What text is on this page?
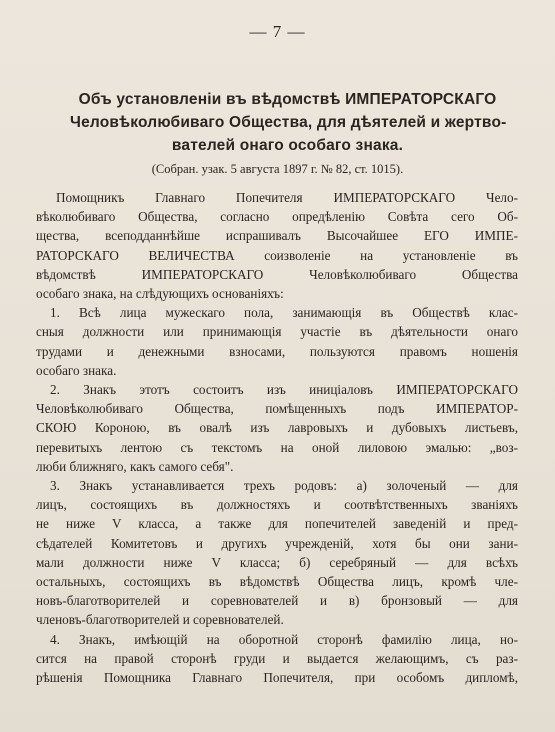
— 7 —
Объ установленіи въ вѣдомствѣ ИМПЕРАТОРСКАГО
Человѣколюбиваго Общества, для дѣятелей и жертво-
вателей онаго особаго знака.
(Собран. узак. 5 августа 1897 г. № 82, ст. 1015).
Помощникъ Главнаго Попечителя ИМПЕРАТОРСКАГО Чело-
вѣколюбиваго Общества, согласно опредѣленію Совѣта сего Об-
щества, всеподданнѣйше испрашивалъ Высочайшее ЕГО ИМПЕ-
РАТОРСКАГО ВЕЛИЧЕСТВА соизволеніе на установленіе въ
вѣдомствѣ ИМПЕРАТОРСКАГО Человѣколюбиваго Общества
особаго знака, на слѣдующихъ основаніяхъ:
1. Всѣ лица мужескаго пола, занимающія въ Обществѣ клас-
сныя должности или принимающія участіе въ дѣятельности онаго
трудами и денежными взносами, пользуются правомъ ношенія
особаго знака.
2. Знакъ этотъ состоитъ изъ иниціаловъ ИМПЕРАТОРСКАГО
Человѣколюбиваго Общества, помѣщенныхъ подъ ИМПЕРАТОР-
СКОЮ Короною, въ овалѣ изъ лавровыхъ и дубовыхъ листьевъ,
перевитыхъ лентою съ текстомъ на оной лиловою эмалью: „воз-
люби ближняго, какъ самого себя".
3. Знакъ устанавливается трехъ родовъ: а) золоченый — для
лицъ, состоящихъ въ должностяхъ и соотвѣтственныхъ званіяхъ
не ниже V класса, а также для попечителей заведеній и пред-
сѣдателей Комитетовъ и другихъ учрежденій, хотя бы они зани-
мали должности ниже V класса; б) серебряный — для всѣхъ
остальныхъ, состоящихъ въ вѣдомствѣ Общества лицъ, кромѣ чле-
новъ-благотворителей и соревнователей и в) бронзовый — для
членовъ-благотворителей и соревнователей.
4. Знакъ, имѣющій на оборотной сторонѣ фамилію лица, но-
сится на правой сторонѣ груди и выдается желающимъ, съ раз-
рѣшенія Помощника Главнаго Попечителя, при особомъ дипломѣ,
